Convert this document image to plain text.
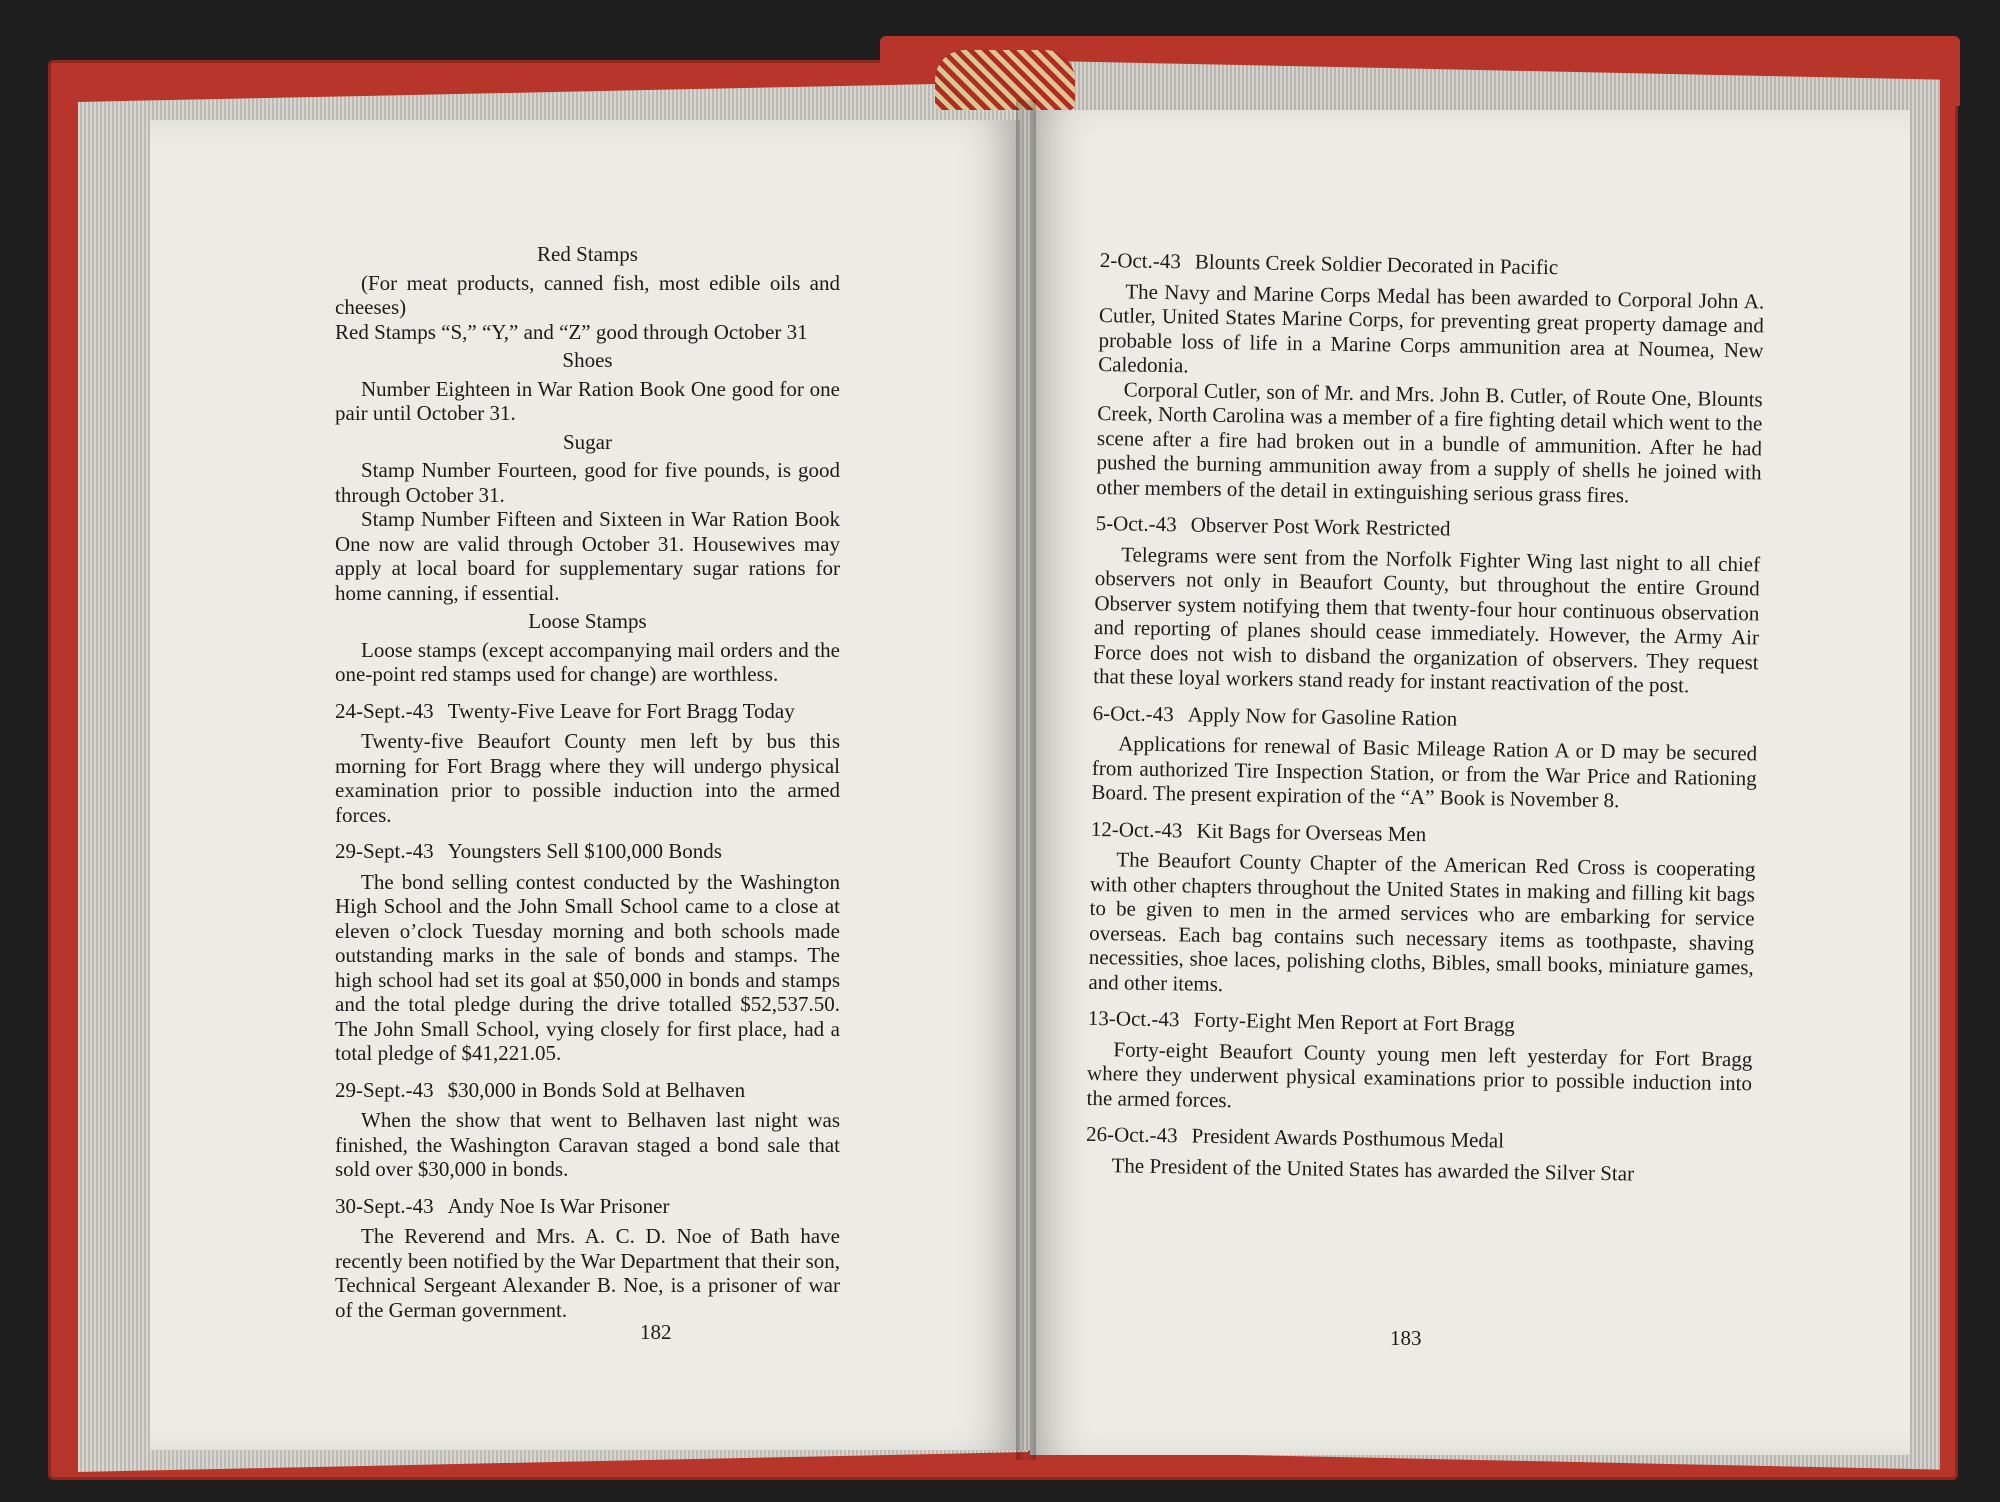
Red Stamps

(For meat products, canned fish, most edible oils and cheeses)

Red Stamps “S,” “Y,” and “Z” good through October 31

Shoes

Number Eighteen in War Ration Book One good for one pair until October 31.

Sugar

Stamp Number Fourteen, good for five pounds, is good through October 31.

Stamp Number Fifteen and Sixteen in War Ration Book One now are valid through October 31. Housewives may apply at local board for supplementary sugar rations for home canning, if essential.

Loose Stamps

Loose stamps (except accompanying mail orders and the one-point red stamps used for change) are worthless.

24-Sept.-43 Twenty-Five Leave for Fort Bragg Today

Twenty-five Beaufort County men left by bus this morning for Fort Bragg where they will undergo physical examination prior to possible induction into the armed forces.

29-Sept.-43 Youngsters Sell $100,000 Bonds

The bond selling contest conducted by the Washington High School and the John Small School came to a close at eleven o’clock Tuesday morning and both schools made outstanding marks in the sale of bonds and stamps. The high school had set its goal at $50,000 in bonds and stamps and the total pledge during the drive totalled $52,537.50. The John Small School, vying closely for first place, had a total pledge of $41,221.05.

29-Sept.-43 $30,000 in Bonds Sold at Belhaven

When the show that went to Belhaven last night was finished, the Washington Caravan staged a bond sale that sold over $30,000 in bonds.

30-Sept.-43 Andy Noe Is War Prisoner

The Reverend and Mrs. A. C. D. Noe of Bath have recently been notified by the War Department that their son, Technical Sergeant Alexander B. Noe, is a prisoner of war of the German government.

182
2-Oct.-43 Blounts Creek Soldier Decorated in Pacific

The Navy and Marine Corps Medal has been awarded to Corporal John A. Cutler, United States Marine Corps, for preventing great property damage and probable loss of life in a Marine Corps ammunition area at Noumea, New Caledonia.

Corporal Cutler, son of Mr. and Mrs. John B. Cutler, of Route One, Blounts Creek, North Carolina was a member of a fire fighting detail which went to the scene after a fire had broken out in a bundle of ammunition. After he had pushed the burning ammunition away from a supply of shells he joined with other members of the detail in extinguishing serious grass fires.

5-Oct.-43 Observer Post Work Restricted

Telegrams were sent from the Norfolk Fighter Wing last night to all chief observers not only in Beaufort County, but throughout the entire Ground Observer system notifying them that twenty-four hour continuous observation and reporting of planes should cease immediately. However, the Army Air Force does not wish to disband the organization of observers. They request that these loyal workers stand ready for instant reactivation of the post.

6-Oct.-43 Apply Now for Gasoline Ration

Applications for renewal of Basic Mileage Ration A or D may be secured from authorized Tire Inspection Station, or from the War Price and Rationing Board. The present expiration of the “A” Book is November 8.

12-Oct.-43 Kit Bags for Overseas Men

The Beaufort County Chapter of the American Red Cross is cooperating with other chapters throughout the United States in making and filling kit bags to be given to men in the armed services who are embarking for service overseas. Each bag contains such necessary items as toothpaste, shaving necessities, shoe laces, polishing cloths, Bibles, small books, miniature games, and other items.

13-Oct.-43 Forty-Eight Men Report at Fort Bragg

Forty-eight Beaufort County young men left yesterday for Fort Bragg where they underwent physical examinations prior to possible induction into the armed forces.

26-Oct.-43 President Awards Posthumous Medal

The President of the United States has awarded the Silver Star

183
